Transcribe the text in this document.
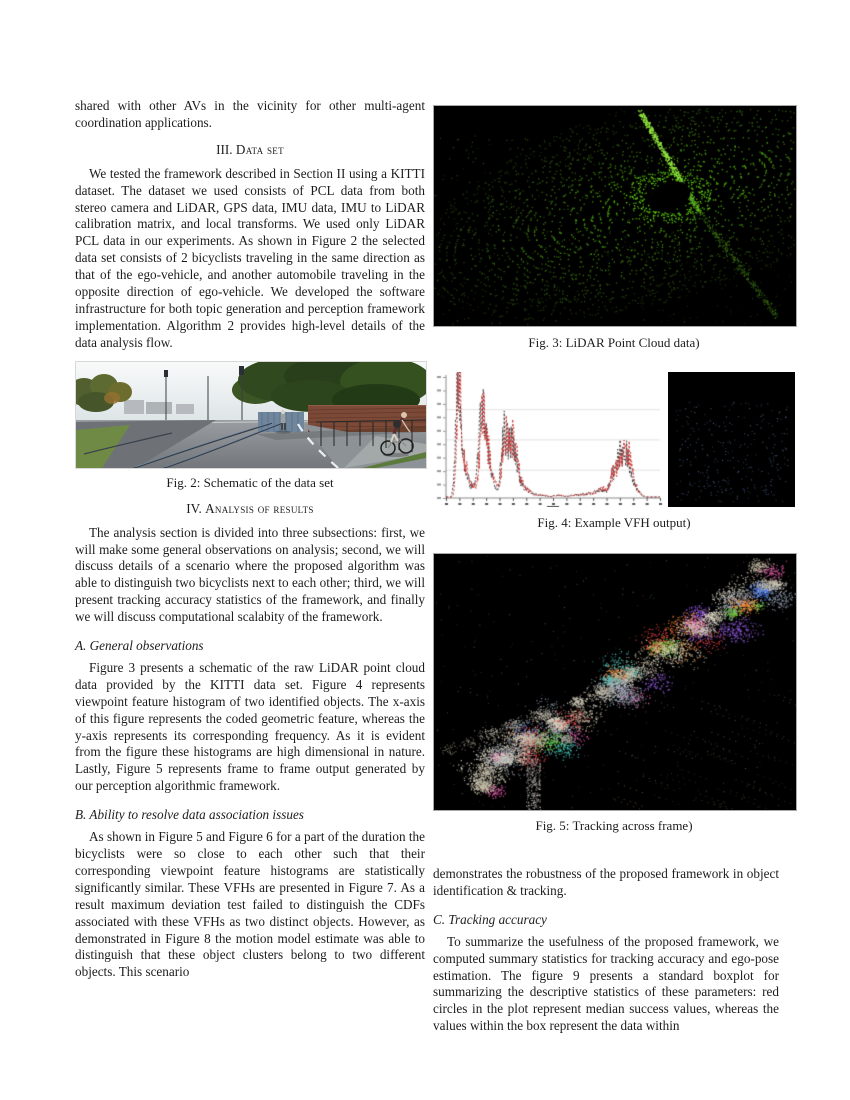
shared with other AVs in the vicinity for other multi-agent coordination applications.

III. Data set

We tested the framework described in Section II using a KITTI dataset. The dataset we used consists of PCL data from both stereo camera and LiDAR, GPS data, IMU data, IMU to LiDAR calibration matrix, and local transforms. We used only LiDAR PCL data in our experiments. As shown in Figure 2 the selected data set consists of 2 bicyclists traveling in the same direction as that of the ego-vehicle, and another automobile traveling in the opposite direction of ego-vehicle. We developed the software infrastructure for both topic generation and perception framework implementation. Algorithm 2 provides high-level details of the data analysis flow.

Fig. 2: Schematic of the data set
IV. Analysis of results

The analysis section is divided into three subsections: first, we will make some general observations on analysis; second, we will discuss details of a scenario where the proposed algorithm was able to distinguish two bicyclists next to each other; third, we will present tracking accuracy statistics of the framework, and finally we will discuss computational scalabity of the framework.

A. General observations

Figure 3 presents a schematic of the raw LiDAR point cloud data provided by the KITTI data set. Figure 4 represents viewpoint feature histogram of two identified objects. The x-axis of this figure represents the coded geometric feature, whereas the y-axis represents its corresponding frequency. As it is evident from the figure these histograms are high dimensional in nature. Lastly, Figure 5 represents frame to frame output generated by our perception algorithmic framework.

B. Ability to resolve data association issues

As shown in Figure 5 and Figure 6 for a part of the duration the bicyclists were so close to each other such that their corresponding viewpoint feature histograms are statistically significantly similar. These VFHs are presented in Figure 7. As a result maximum deviation test failed to distinguish the CDFs associated with these VFHs as two distinct objects. However, as demonstrated in Figure 8 the motion model estimate was able to distinguish that these object clusters belong to two different objects. This scenario

Fig. 3: LiDAR Point Cloud data)
Fig. 4: Example VFH output)
Fig. 5: Tracking across frame)

demonstrates the robustness of the proposed framework in object identification & tracking.

C. Tracking accuracy

To summarize the usefulness of the proposed framework, we computed summary statistics for tracking accuracy and ego-pose estimation. The figure 9 presents a standard boxplot for summarizing the descriptive statistics of these parameters: red circles in the plot represent median success values, whereas the values within the box represent the data within
